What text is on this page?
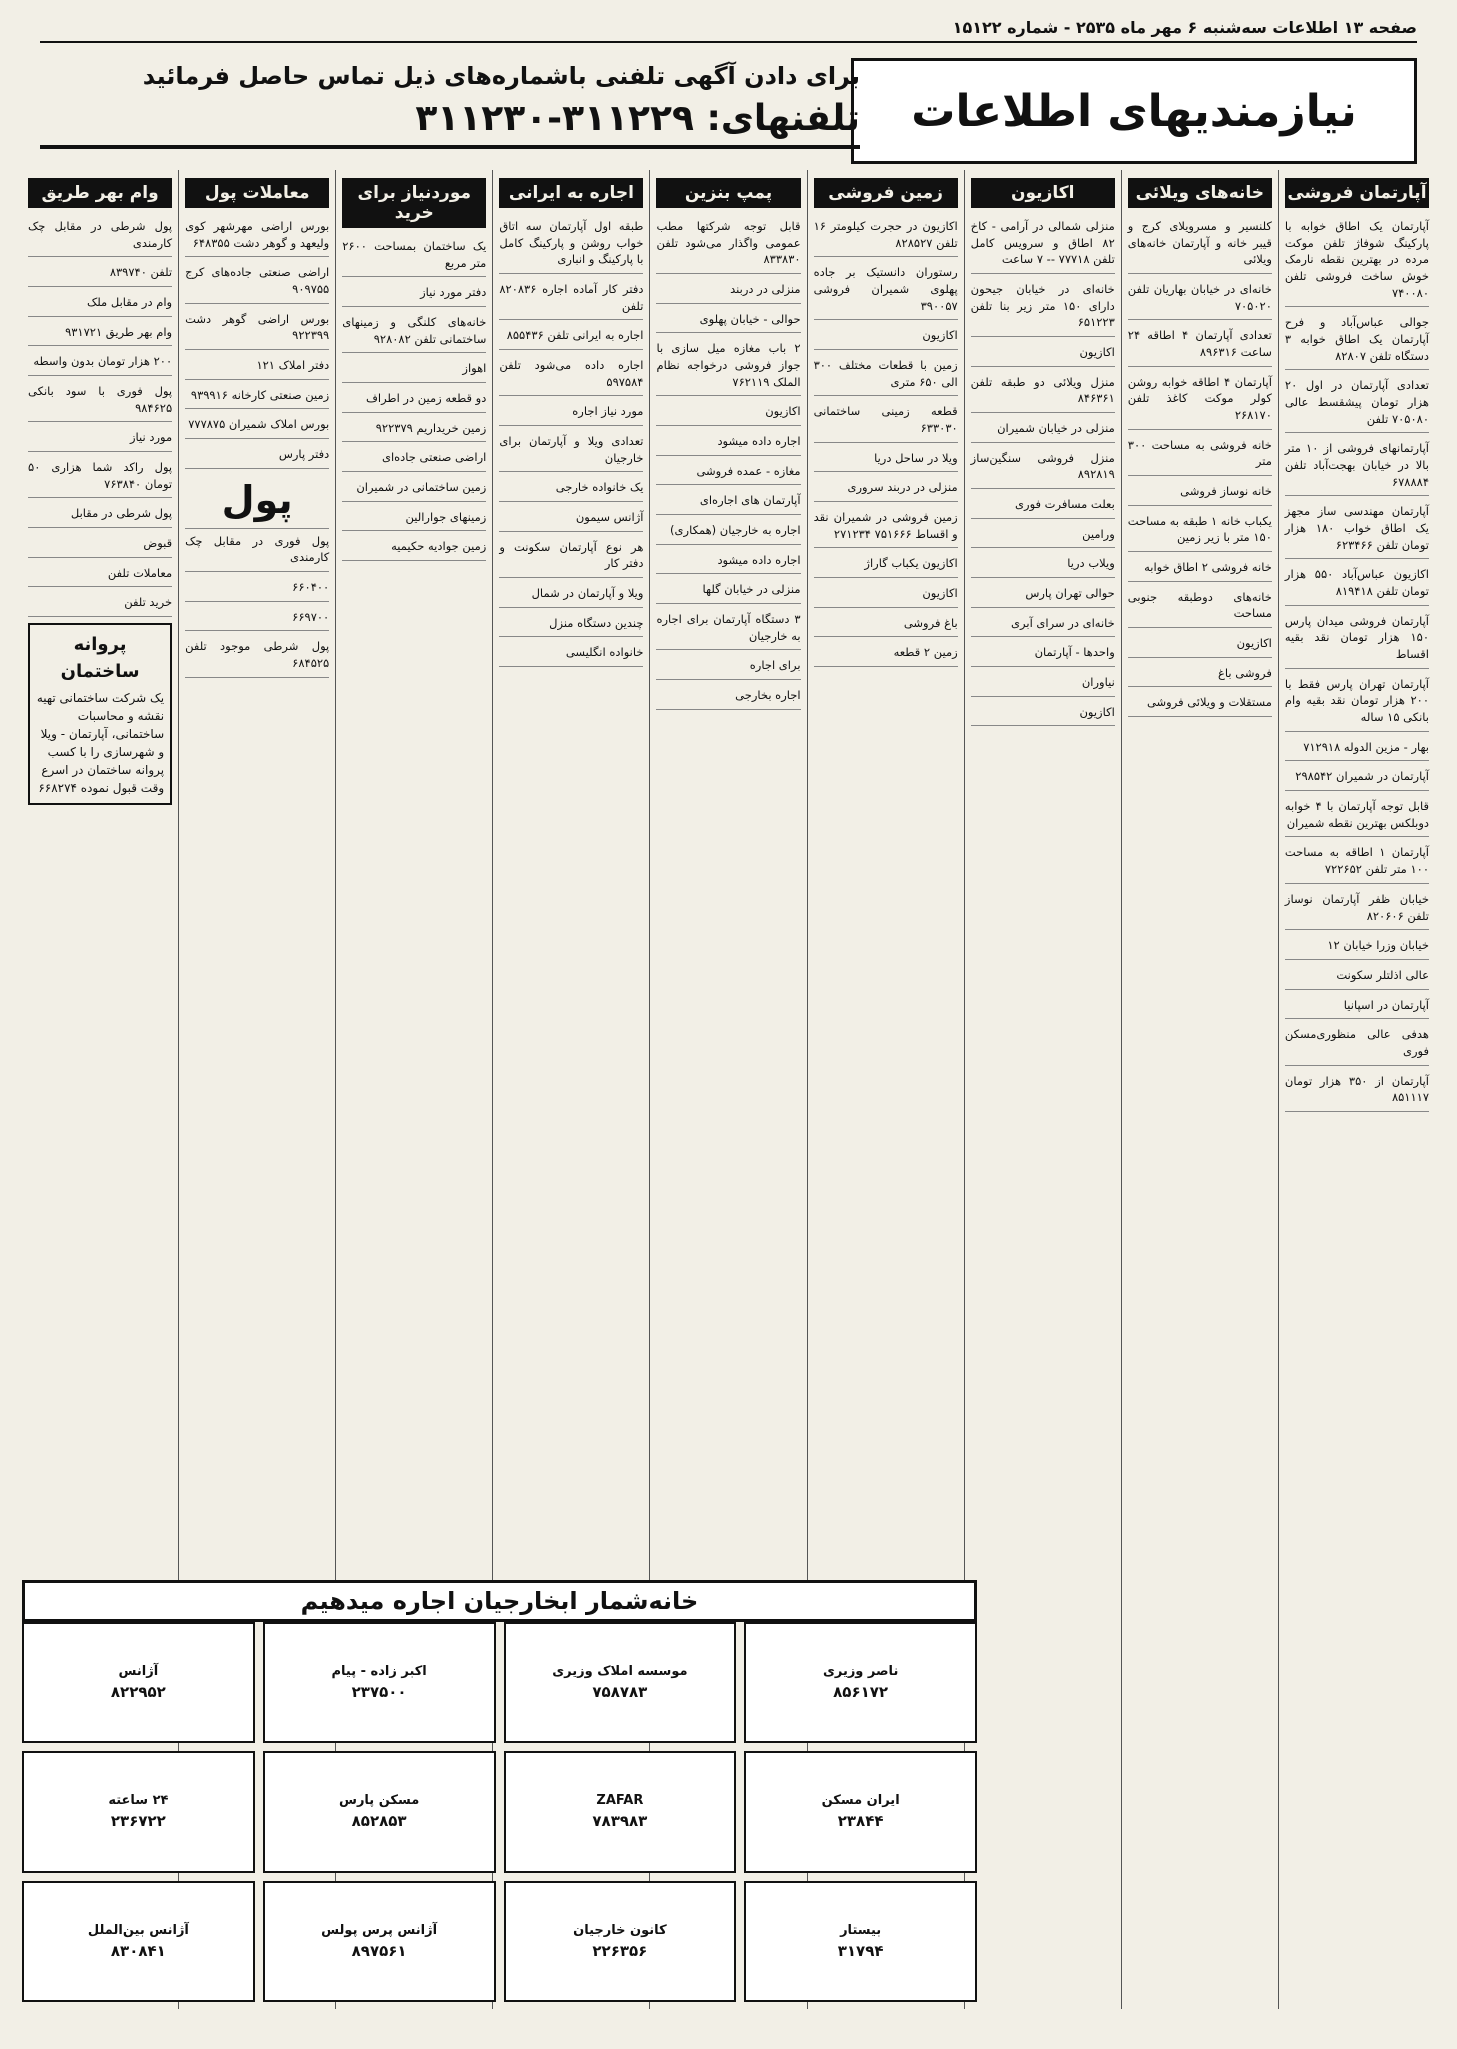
صفحه ۱۳ اطلاعات سه‌شنبه ۶ مهر ماه ۲۵۳۵ - شماره ۱۵۱۲۲
نیازمندیهای اطلاعات
برای دادن آگهی تلفنی باشماره‌های ذیل تماس حاصل فرمائید
تلفنهای: ۳۱۱۲۲۹-۳۱۱۲۳۰
آپارتمان فروشی
آپارتمان یک اطاق خوابه با پارکینگ شوفاژ تلفن موکت مرده در بهترین نقطه نارمک خوش ساخت فروشی تلفن ۷۴۰۰۸۰
جوالی عباس‌آباد و فرح آپارتمان یک اطاق خوابه ۳ دستگاه تلفن ۸۲۸۰۷
تعدادی آپارتمان در اول ۲۰ هزار تومان پیشقسط عالی ۷۰۵۰۸۰ تلفن
آپارتمانهای فروشی از ۱۰ متر بالا در خیابان بهجت‌آباد تلفن ۶۷۸۸۸۴
آپارتمان مهندسی ساز مجهز یک اطاق خواب ۱۸۰ هزار تومان تلفن ۶۲۳۴۶۶
اکازیون عباس‌آباد ۵۵۰ هزار تومان تلفن ۸۱۹۴۱۸
آپارتمان فروشی میدان پارس ۱۵۰ هزار تومان نقد بقیه اقساط
آپارتمان تهران پارس فقط با ۲۰۰ هزار تومان نقد بقیه وام بانکی ۱۵ ساله
بهار - مزین الدوله ۷۱۲۹۱۸
آپارتمان در شمیران ۲۹۸۵۴۲
قابل توجه آپارتمان با ۴ خوابه دوبلکس بهترین نقطه شمیران
آپارتمان ۱ اطاقه به مساحت ۱۰۰ متر تلفن ۷۲۲۶۵۲
خیابان ظفر آپارتمان نوساز تلفن ۸۲۰۶۰۶
خیابان وزرا خیابان ۱۲
عالی اذلتلر سکونت
آپارتمان در اسپانیا
هدفی عالی منظوری‌مسکن فوری
آپارتمان از ۳۵۰ هزار تومان ۸۵۱۱۱۷
خانه‌های ویلائی
کلنسیر و مسرویلای کرج و قیبر خانه و آپارتمان خانه‌های ویلائی
خانه‌ای در خیابان بهاریان تلفن ۷۰۵۰۲۰
تعدادی آپارتمان ۴ اطاقه ۲۴ ساعت ۸۹۶۳۱۶
آپارتمان ۴ اطاقه خوابه روشن کولر موکت کاغذ تلفن ۲۶۸۱۷۰
خانه فروشی به مساحت ۳۰۰ متر
خانه نوساز فروشی
یکباب خانه ۱ طبقه به مساحت ۱۵۰ متر با زیر زمین
خانه فروشی ۲ اطاق خوابه
خانه‌های دوطبقه جنوبی مساحت
اکازیون
فروشی باغ
مستقلات و ویلائی فروشی
اکازیون
منزلی شمالی در آرامی - کاخ ۸۲ اطاق و سرویس کامل تلفن ۷۷۷۱۸ -- ۷ ساعت
خانه‌ای در خیابان جیحون دارای ۱۵۰ متر زیر بنا تلفن ۶۵۱۲۲۳
اکازیون
منزل ویلائی دو طبقه تلفن ۸۴۶۳۶۱
منزلی در خیابان شمیران
منزل فروشی سنگین‌ساز ۸۹۲۸۱۹
بعلت مسافرت فوری
ورامین
ویلاب دریا
حوالی تهران پارس
خانه‌ای در سرای آبری
واحد‌ها - آپارتمان
نیاوران
اکازیون
زمین فروشی
اکازیون در حجرت کیلومتر ۱۶ تلفن ۸۲۸۵۲۷
رستوران دانستیک بر جاده پهلوی شمیران فروشی ۳۹۰۰۵۷
اکازیون
زمین با قطعات مختلف ۳۰۰ الی ۶۵۰ متری
قطعه زمینی ساختمانی ۶۳۳۰۳۰
ویلا در ساحل دریا
منزلی در دربند سروری
زمین فروشی در شمیران نقد و اقساط ۷۵۱۶۶۶ ۲۷۱۲۳۴
اکازیون یکباب گاراژ
اکازیون
باغ فروشی
زمین ۲ قطعه
پمپ بنزین
قابل توجه شرکتها مطب عمومی واگذار می‌شود تلفن ۸۳۳۸۳۰
منزلی در دربند
حوالی - خیابان پهلوی
۲ باب مغازه میل سازی با جواز فروشی درخواجه نظام الملک ۷۶۲۱۱۹
اکازیون
اجاره داده میشود
مغازه - عمده فروشی
آپارتمان های اجاره‌ای
اجاره به خارجیان (همکاری)
اجاره داده میشود
منزلی در خیابان گلها
۳ دستگاه آپارتمان برای اجاره به خارجیان
برای اجاره
اجاره بخارجی
اجاره به ایرانی
طبقه اول آپارتمان سه اتاق خواب روشن و پارکینگ کامل با پارکینگ و انباری
دفتر کار آماده اجاره ۸۲۰۸۳۶ تلفن
اجاره به ایرانی تلفن ۸۵۵۴۳۶
اجاره داده می‌شود تلفن ۵۹۷۵۸۴
مورد نیاز اجاره
تعدادی ویلا و آپارتمان برای خارجیان
یک خانواده خارجی
آژانس سیمون
هر نوع آپارتمان سکونت و دفتر کار
ویلا و آپارتمان در شمال
چندین دستگاه منزل
خانواده انگلیسی
موردنیاز برای خرید
یک ساختمان بمساحت ۲۶۰۰ متر مربع
دفتر مورد نیاز
خانه‌های کلنگی و زمینهای ساختمانی تلفن ۹۲۸۰۸۲
اهواز
دو قطعه زمین در اطراف
زمین خریداریم ۹۲۲۳۷۹
اراضی صنعتی جاده‌ای
زمین ساختمانی در شمیران
زمینهای جوارالین
زمین جوادیه حکیمیه
معاملات پول
بورس اراضی مهرشهر کوی ولیعهد و گوهر دشت ۶۴۸۳۵۵
اراضی صنعتی جاده‌های کرج ۹۰۹۷۵۵
بورس اراضی گوهر دشت ۹۲۲۳۹۹
دفتر املاک ۱۲۱
زمین صنعتی کارخانه ۹۳۹۹۱۶
بورس املاک شمیران ۷۷۷۸۷۵
دفتر پارس
پول
پول فوری در مقابل چک کارمندی
۶۶۰۴۰۰
۶۶۹۷۰۰
پول شرطی موجود تلفن ۶۸۴۵۲۵
وام بهر طریق
پول شرطی در مقابل چک کارمندی
تلفن ۸۳۹۷۴۰
وام در مقابل ملک
وام بهر طریق ۹۳۱۷۲۱
۲۰۰ هزار تومان بدون واسطه
پول فوری با سود بانکی ۹۸۴۶۲۵
مورد نیاز
پول راکد شما هزاری ۵۰ تومان ۷۶۳۸۴۰
پول شرطی در مقابل
قبوض
معاملات تلفن
خرید تلفن
پروانه ساختمان
یک شرکت ساختمانی تهیه نقشه و محاسبات ساختمانی، آپارتمان - ویلا و شهرسازی را با کسب پروانه ساختمان در اسرع وقت قبول نموده ۶۶۸۲۷۴
خانه‌شمار ابخارجیان اجاره میدهیم
ناصر وزیری
۸۵۶۱۷۲
موسسه املاک وزیری
۷۵۸۷۸۳
اکبر زاده - پیام
۲۳۷۵۰۰
آژانس
۸۲۲۹۵۲
ایران مسکن
۲۳۸۴۴
ZAFAR
۷۸۳۹۸۳
مسکن پارس
۸۵۲۸۵۳
۲۴ ساعته
۲۳۶۷۲۲
بیستار
۳۱۷۹۴
کانون خارجیان
۲۲۶۳۵۶
آژانس پرس پولس
۸۹۷۵۶۱
آژانس بین‌الملل
۸۳۰۸۴۱
